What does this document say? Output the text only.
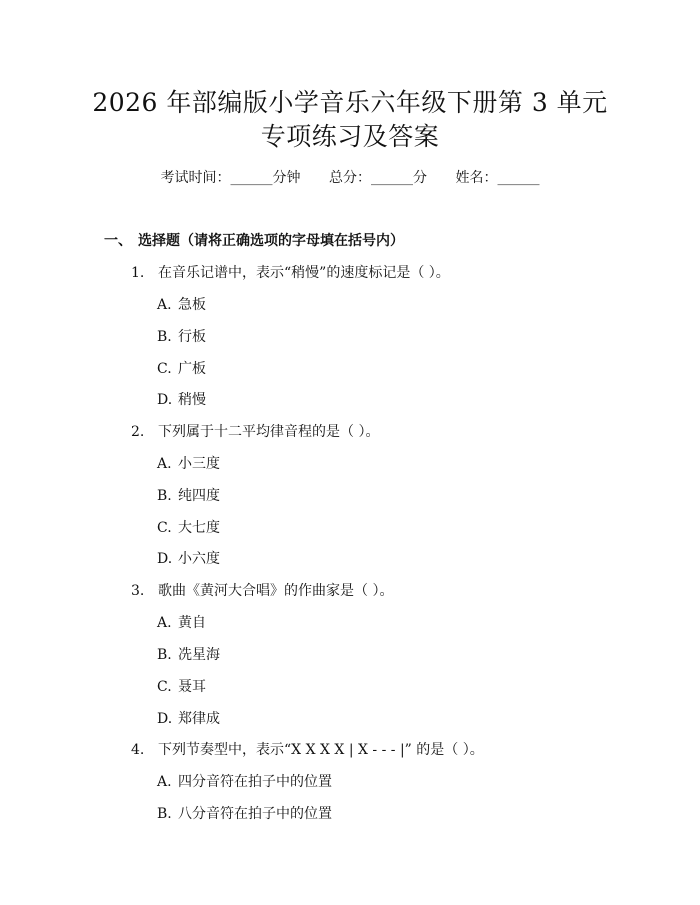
2026 年部编版小学音乐六年级下册第 3 单元
专项练习及答案
考试时间：______分钟 总分：______分 姓名：______
一、 选择题（请将正确选项的字母填在括号内）
1. 在音乐记谱中，表示“稍慢”的速度标记是（ ）。
A. 急板
B. 行板
C. 广板
D. 稍慢
2. 下列属于十二平均律音程的是（ ）。
A. 小三度
B. 纯四度
C. 大七度
D. 小六度
3. 歌曲《黄河大合唱》的作曲家是（ ）。
A. 黄自
B. 冼星海
C. 聂耳
D. 郑律成
4. 下列节奏型中，表示“X X X X | X - - - |” 的是（ ）。
A. 四分音符在拍子中的位置
B. 八分音符在拍子中的位置
